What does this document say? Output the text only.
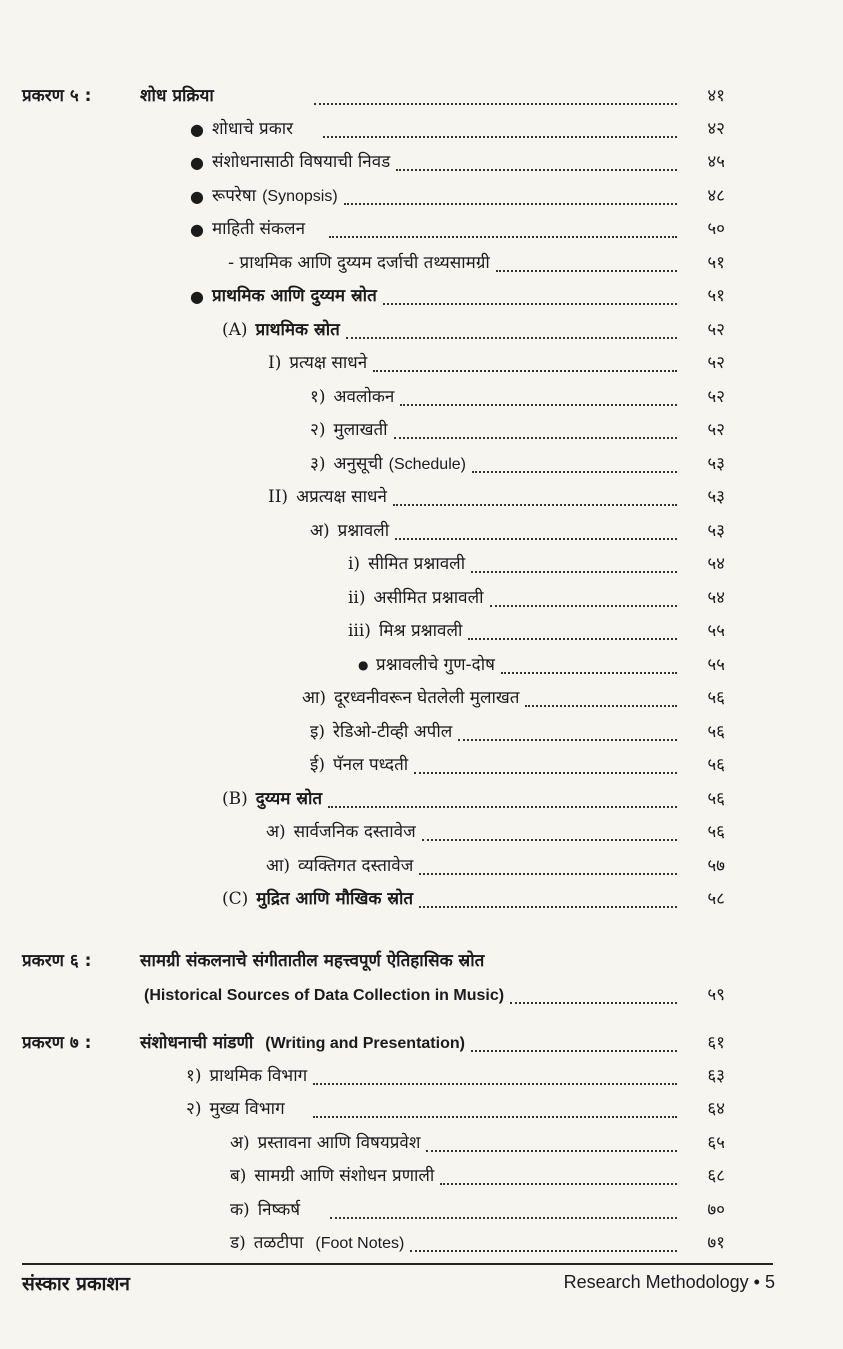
प्रकरण ५ :	शोध प्रक्रिया	४१
● शोधाचे प्रकार	४२
● संशोधनासाठी विषयाची निवड	४५
● रूपरेषा (Synopsis)	४८
● माहिती संकलन	५०
- प्राथमिक आणि दुय्यम दर्जाची तथ्यसामग्री	५१
● प्राथमिक आणि दुय्यम स्रोत	५१
(A) प्राथमिक स्रोत	५२
I) प्रत्यक्ष साधने	५२
१) अवलोकन	५२
२) मुलाखती	५२
३) अनुसूची (Schedule)	५३
II) अप्रत्यक्ष साधने	५३
अ) प्रश्नावली	५३
i) सीमित प्रश्नावली	५४
ii) असीमित प्रश्नावली	५४
iii) मिश्र प्रश्नावली	५५
● प्रश्नावलीचे गुण-दोष	५५
आ) दूरध्वनीवरून घेतलेली मुलाखत	५६
इ) रेडिओ-टीव्ही अपील	५६
ई) पॅनल पध्दती	५६
(B) दुय्यम स्रोत	५६
अ) सार्वजनिक दस्तावेज	५६
आ) व्यक्तिगत दस्तावेज	५७
(C) मुद्रित आणि मौखिक स्रोत	५८
प्रकरण ६ :	सामग्री संकलनाचे संगीतातील महत्त्वपूर्ण ऐतिहासिक स्रोत
(Historical Sources of Data Collection in Music)	५९
प्रकरण ७ :	संशोधनाची मांडणी (Writing and Presentation)	६१
१) प्राथमिक विभाग	६३
२) मुख्य विभाग	६४
अ) प्रस्तावना आणि विषयप्रवेश	६५
ब) सामग्री आणि संशोधन प्रणाली	६८
क) निष्कर्ष	७०
ड) तळटीपा (Foot Notes)	७१
संस्कार प्रकाशन	Research Methodology • 5
